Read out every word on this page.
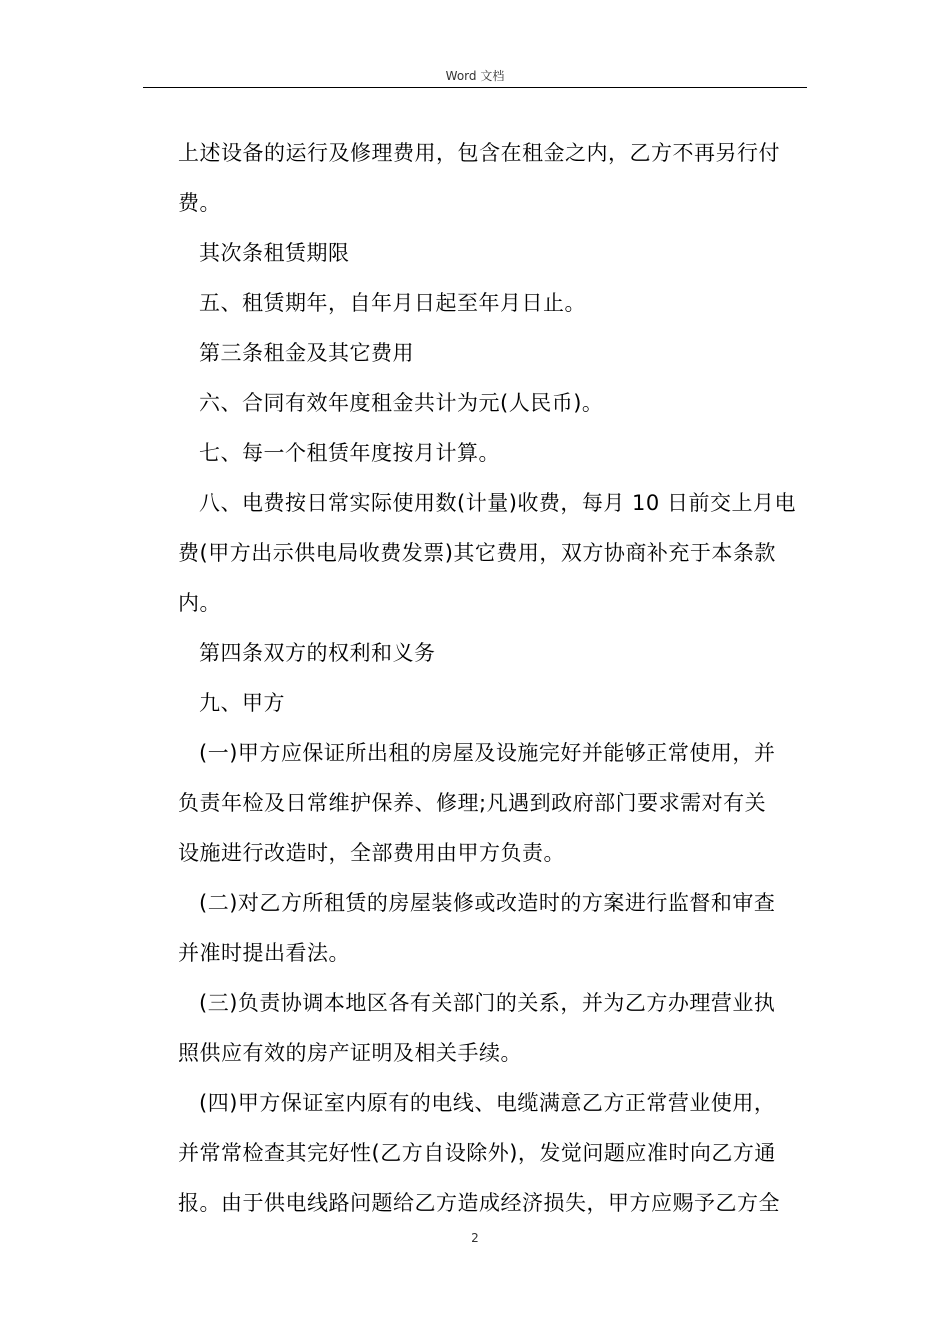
Word 文档
上述设备的运行及修理费用，包含在租金之内，乙方不再另行付
费。
其次条租赁期限
五、租赁期年，自年月日起至年月日止。
第三条租金及其它费用
六、合同有效年度租金共计为元(人民币)。
七、每一个租赁年度按月计算。
八、电费按日常实际使用数(计量)收费，每月 10 日前交上月电
费(甲方出示供电局收费发票)其它费用，双方协商补充于本条款
内。
第四条双方的权利和义务
九、甲方
(一)甲方应保证所出租的房屋及设施完好并能够正常使用，并
负责年检及日常维护保养、修理;凡遇到政府部门要求需对有关
设施进行改造时，全部费用由甲方负责。
(二)对乙方所租赁的房屋装修或改造时的方案进行监督和审查
并准时提出看法。
(三)负责协调本地区各有关部门的关系，并为乙方办理营业执
照供应有效的房产证明及相关手续。
(四)甲方保证室内原有的电线、电缆满意乙方正常营业使用，
并常常检查其完好性(乙方自设除外)，发觉问题应准时向乙方通
报。由于供电线路问题给乙方造成经济损失，甲方应赐予乙方全
2
